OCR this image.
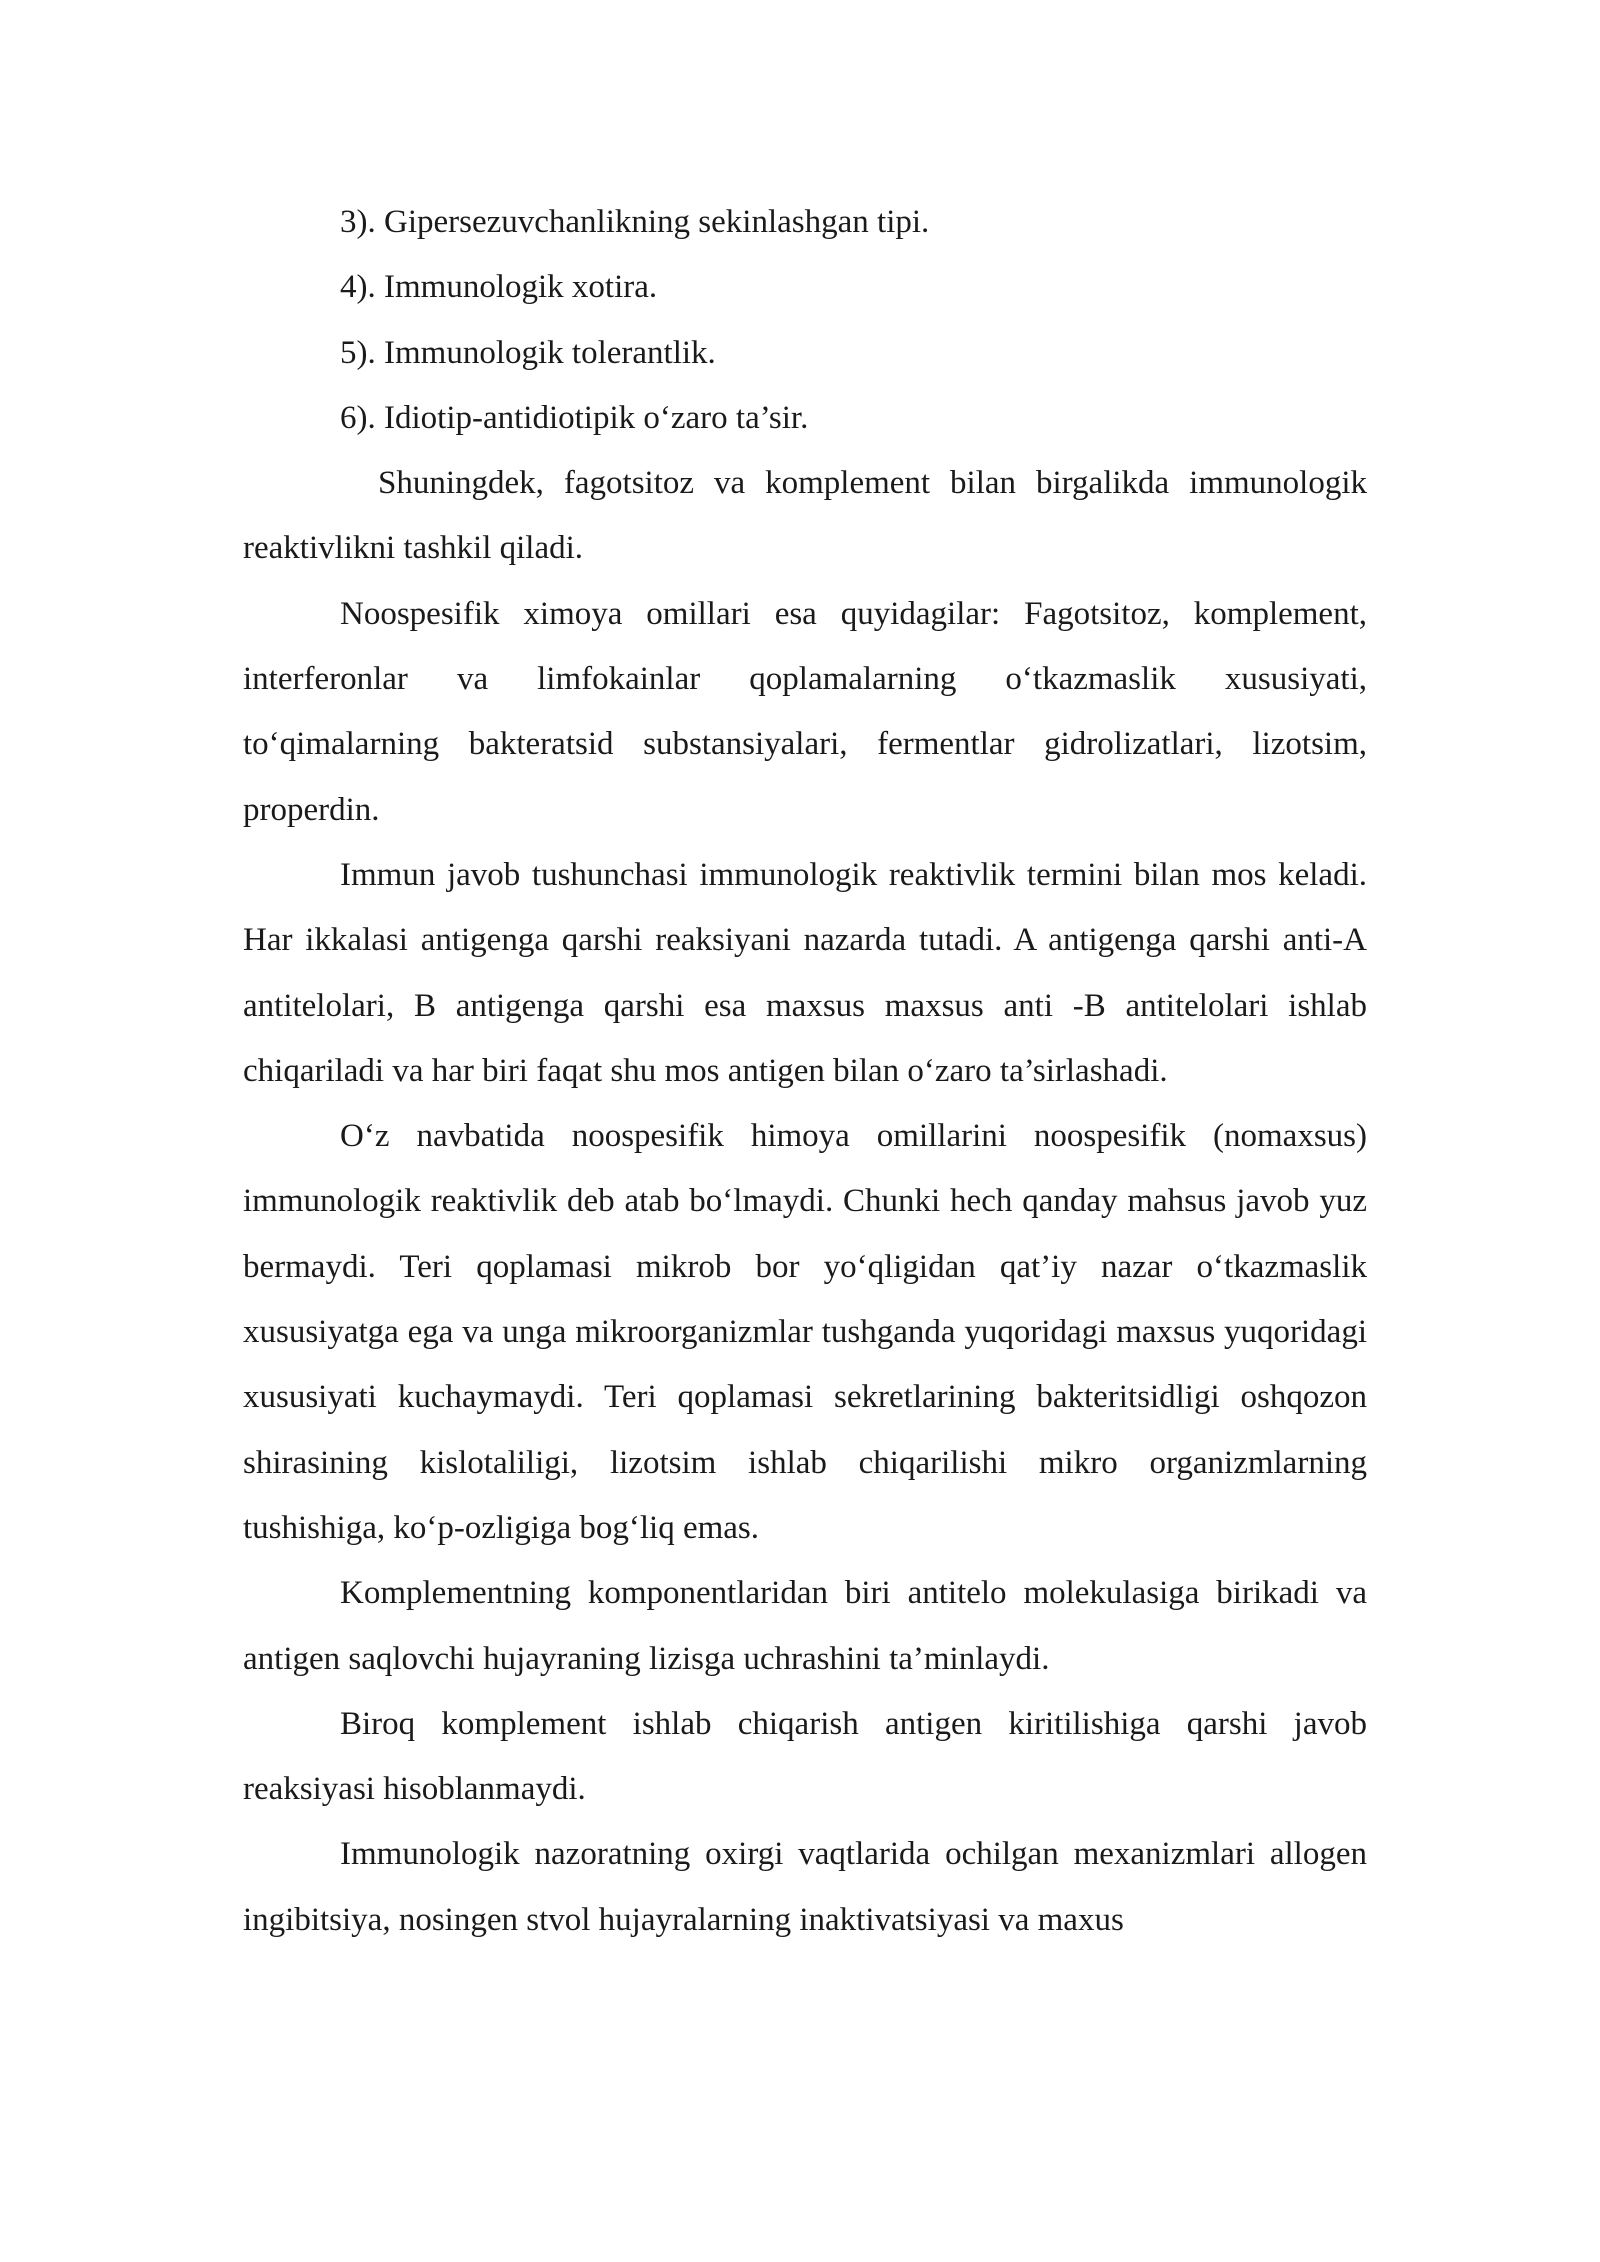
3). Gipersezuvchanlikning sekinlashgan tipi.

4). Immunologik xotira.

5). Immunologik tolerantlik.

6). Idiotip-antidiotipik o‘zaro ta’sir.

Shuningdek, fagotsitoz va komplement bilan birgalikda immunologik reaktivlikni tashkil qiladi.

Noospesifik ximoya omillari esa quyidagilar: Fagotsitoz, komplement, interferonlar va limfokainlar qoplamalarning o‘tkazmaslik xususiyati, to‘qimalarning bakteratsid substansiyalari, fermentlar gidrolizatlari, lizotsim, properdin.

Immun javob tushunchasi immunologik reaktivlik termini bilan mos keladi. Har ikkalasi antigenga qarshi reaksiyani nazarda tutadi. A antigenga qarshi anti-A antitelolari, B antigenga qarshi esa maxsus maxsus anti -B antitelolari ishlab chiqariladi va har biri faqat shu mos antigen bilan o‘zaro ta’sirlashadi.

O‘z navbatida noospesifik himoya omillarini noospesifik (nomaxsus) immunologik reaktivlik deb atab bo‘lmaydi. Chunki hech qanday mahsus javob yuz bermaydi. Teri qoplamasi mikrob bor yo‘qligidan qat’iy nazar o‘tkazmaslik xususiyatga ega va unga mikroorganizmlar tushganda yuqoridagi maxsus yuqoridagi xususiyati kuchaymaydi. Teri qoplamasi sekretlarining bakteritsidligi oshqozon shirasining kislotaliligi, lizotsim ishlab chiqarilishi mikro organizmlarning tushishiga, ko‘p-ozligiga bog‘liq emas.

Komplementning komponentlaridan biri antitelo molekulasiga birikadi va antigen saqlovchi hujayraning lizisga uchrashini ta’minlaydi.

Biroq komplement ishlab chiqarish antigen kiritilishiga qarshi javob reaksiyasi hisoblanmaydi.

Immunologik nazoratning oxirgi vaqtlarida ochilgan mexanizmlari allogen ingibitsiya, nosingen stvol hujayralarning inaktivatsiyasi va maxus
